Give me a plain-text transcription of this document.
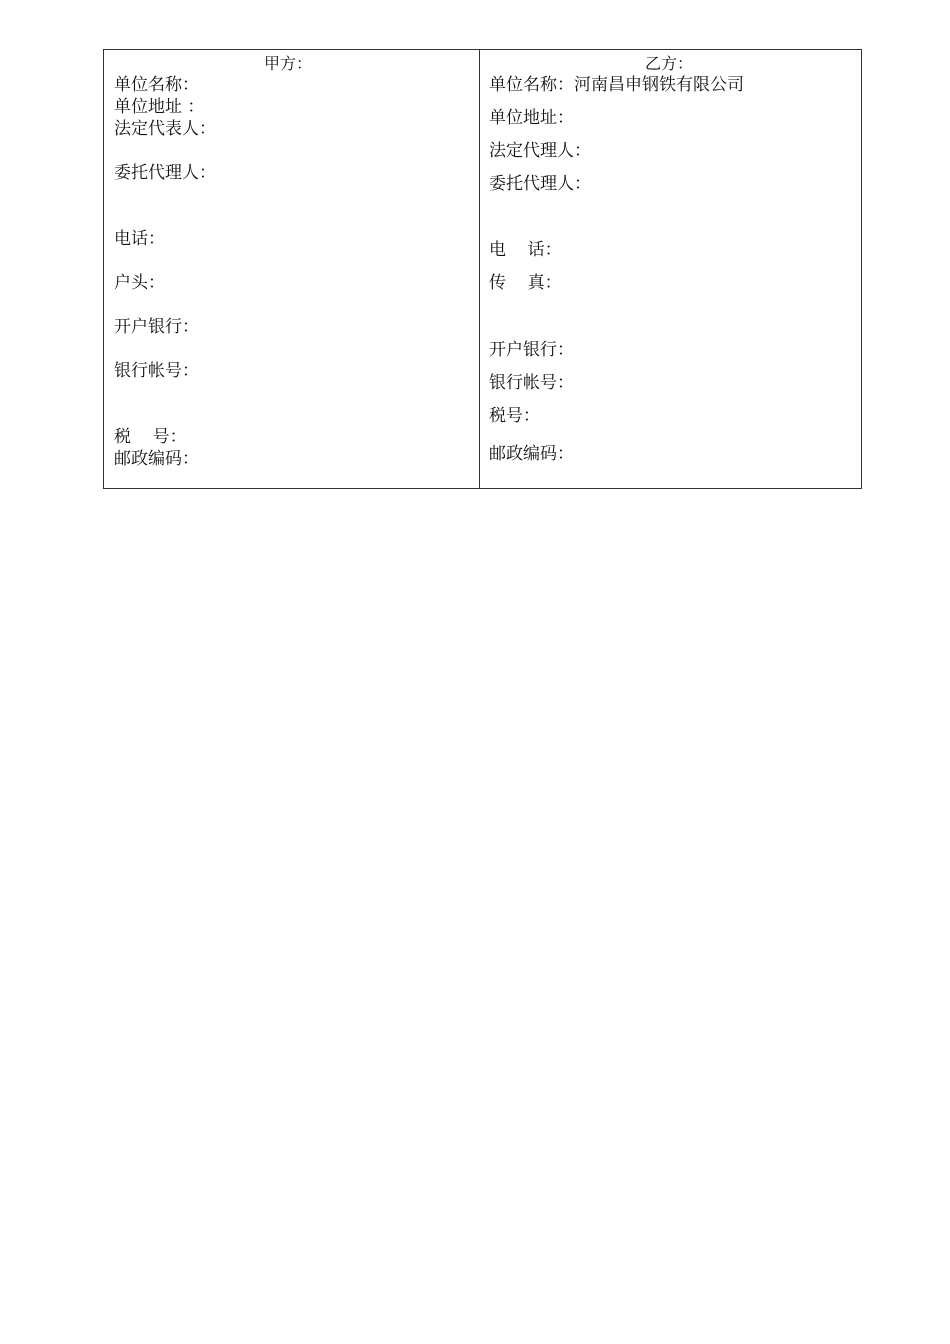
甲方：
单位名称：
单位地址 ：
法定代表人：
委托代理人：
电话：
户头：
开户银行：
银行帐号：
税    号：
邮政编码：
乙方：
单位名称：河南昌申钢铁有限公司
单位地址：
法定代理人：
委托代理人：
电    话：
传    真：
开户银行：
银行帐号：
税号：
邮政编码：
